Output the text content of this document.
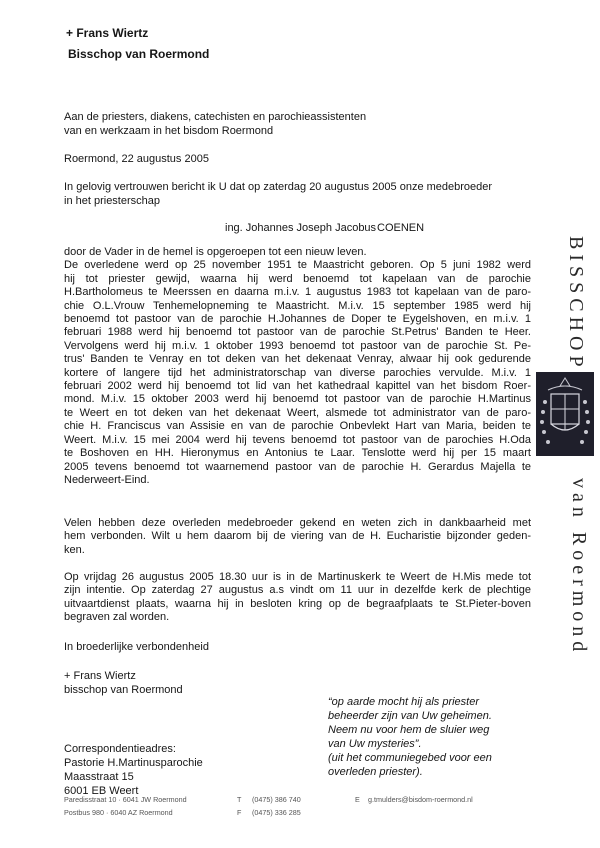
+ Frans Wiertz
Bisschop van Roermond
Aan de priesters, diakens, catechisten en parochieassistenten
van en werkzaam in het bisdom Roermond
Roermond, 22 augustus 2005
In gelovig vertrouwen bericht ik U dat op zaterdag 20 augustus 2005 onze medebroeder
in het priesterschap
ing. Johannes Joseph Jacobus COENEN
door de Vader in de hemel is opgeroepen tot een nieuw leven.
De overledene werd op 25 november 1951 te Maastricht geboren. Op 5 juni 1982 werd
hij tot priester gewijd, waarna hij werd benoemd tot kapelaan van de parochie
H.Bartholomeus te Meerssen en daarna m.i.v. 1 augustus 1983 tot kapelaan van de paro-
chie O.L.Vrouw Tenhemelopneming te Maastricht. M.i.v. 15 september 1985 werd hij
benoemd tot pastoor van de parochie H.Johannes de Doper te Eygelshoven, en m.i.v. 1
februari 1988 werd hij benoemd tot pastoor van de parochie St.Petrus' Banden te Heer.
Vervolgens werd hij m.i.v. 1 oktober 1993 benoemd tot pastoor van de parochie St. Pe-
trus' Banden te Venray en tot deken van het dekenaat Venray, alwaar hij ook gedurende
kortere of langere tijd het administratorschap van diverse parochies vervulde. M.i.v. 1
februari 2002 werd hij benoemd tot lid van het kathedraal kapittel van het bisdom Roer-
mond. M.i.v. 15 oktober 2003 werd hij benoemd tot pastoor van de parochie H.Martinus
te Weert en tot deken van het dekenaat Weert, alsmede tot administrator van de paro-
chie H. Franciscus van Assisie en van de parochie Onbevlekt Hart van Maria, beiden te
Weert. M.i.v. 15 mei 2004 werd hij tevens benoemd tot pastoor van de parochies H.Oda
te Boshoven en HH. Hieronymus en Antonius te Laar. Tenslotte werd hij per 15 maart
2005 tevens benoemd tot waarnemend pastoor van de parochie H. Gerardus Majella te
Nederweert-Eind.
Velen hebben deze overleden medebroeder gekend en weten zich in dankbaarheid met
hem verbonden. Wilt u hem daarom bij de viering van de H. Eucharistie bijzonder geden-
ken.
Op vrijdag 26 augustus 2005 18.30 uur is in de Martinuskerk te Weert de H.Mis mede tot
zijn intentie. Op zaterdag 27 augustus a.s vindt om 11 uur in dezelfde kerk de plechtige
uitvaartdienst plaats, waarna hij in besloten kring op de begraafplaats te St.Pieter-boven
begraven zal worden.
In broederlijke verbondenheid
+ Frans Wiertz
bisschop van Roermond
Correspondentieadres:
Pastorie H.Martinusparochie
Maasstraat 15
6001 EB Weert
“op aarde mocht hij als priester
beheerder zijn van Uw geheimen.
Neem nu voor hem de sluier weg
van Uw mysteries”.
(uit het communiegebed voor een
overleden priester).
BISSCHOP
van Roermond
Paredisstraat 10 · 6041 JW Roermond
Postbus 980 · 6040 AZ Roermond
T (0475) 386 740
F (0475) 336 285
E g.tmulders@bisdom-roermond.nl
